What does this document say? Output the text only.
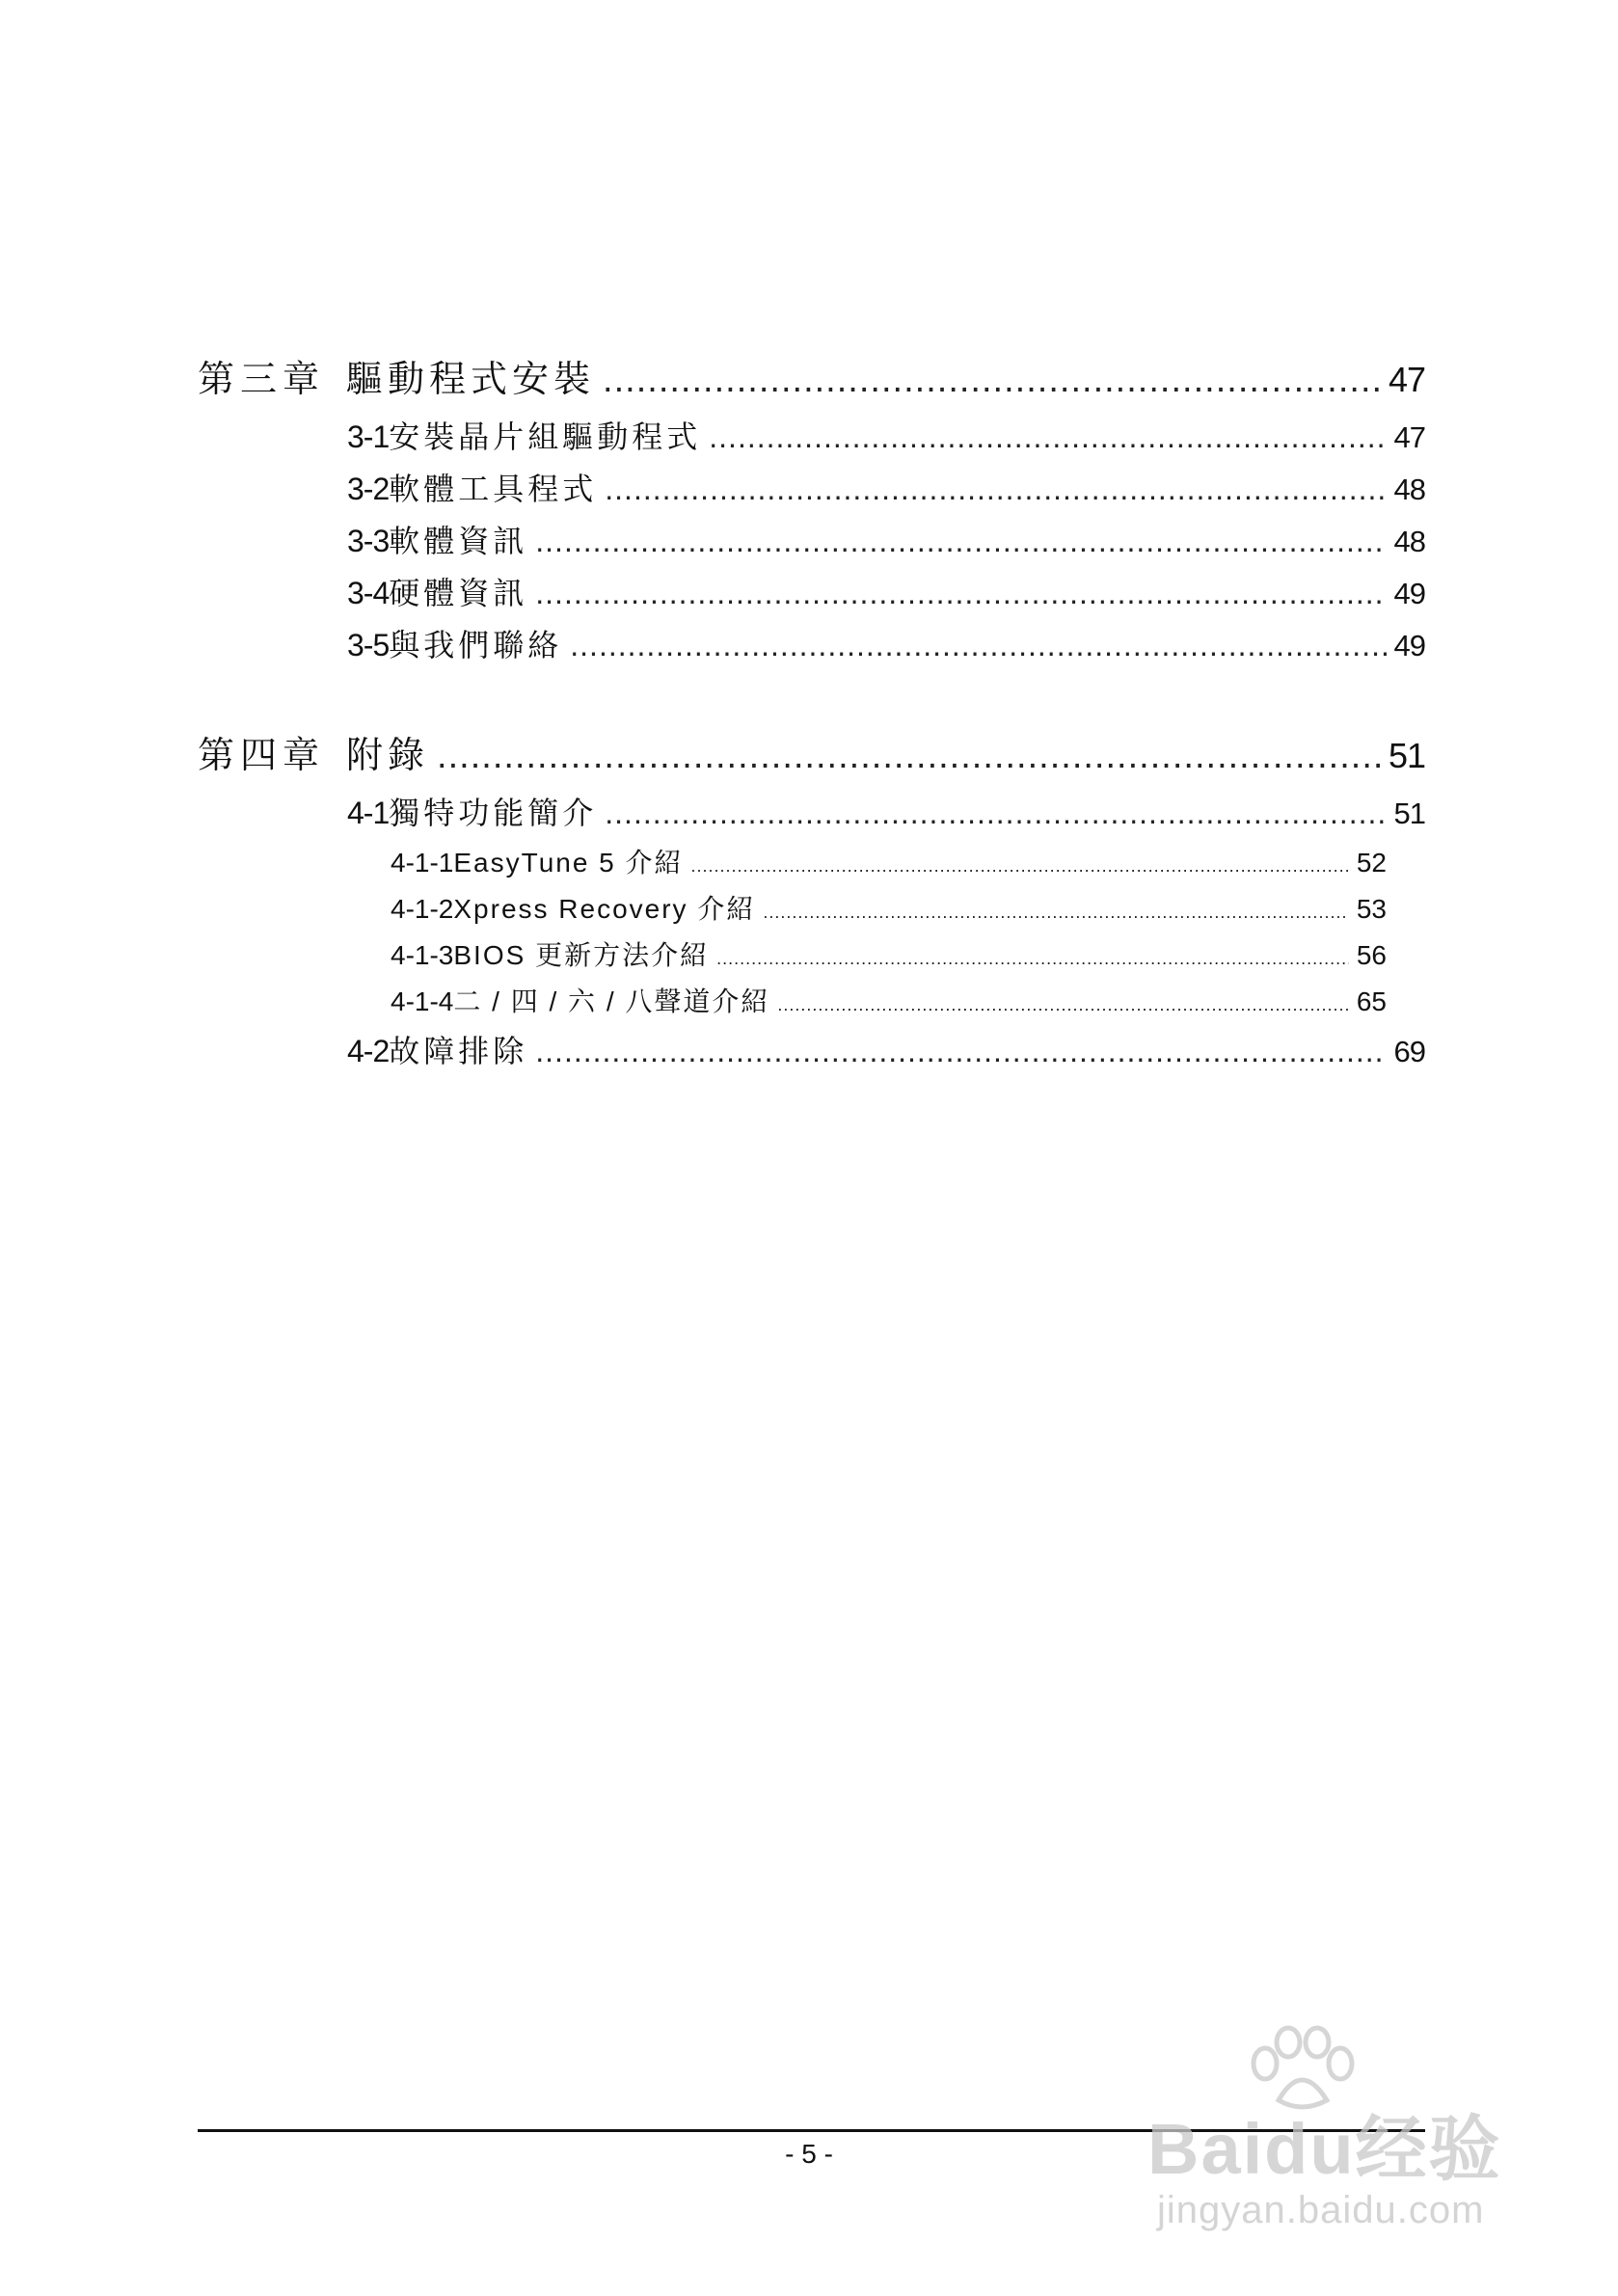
第三章 驅動程式安裝 .....	47
3-1 安裝晶片組驅動程式 .....	47
3-2 軟體工具程式 .....	48
3-3 軟體資訊 .....	48
3-4 硬體資訊 .....	49
3-5 與我們聯絡 .....	49
第四章 附錄 .....	51
4-1 獨特功能簡介 .....	51
4-1-1 EasyTune 5 介紹 .....	52
4-1-2 Xpress Recovery 介紹 .....	53
4-1-3 BIOS 更新方法介紹 .....	56
4-1-4 二 / 四 / 六 / 八聲道介紹 .....	65
4-2 故障排除 .....	69
- 5 -	Baidu经验
jingyan.baidu.com
